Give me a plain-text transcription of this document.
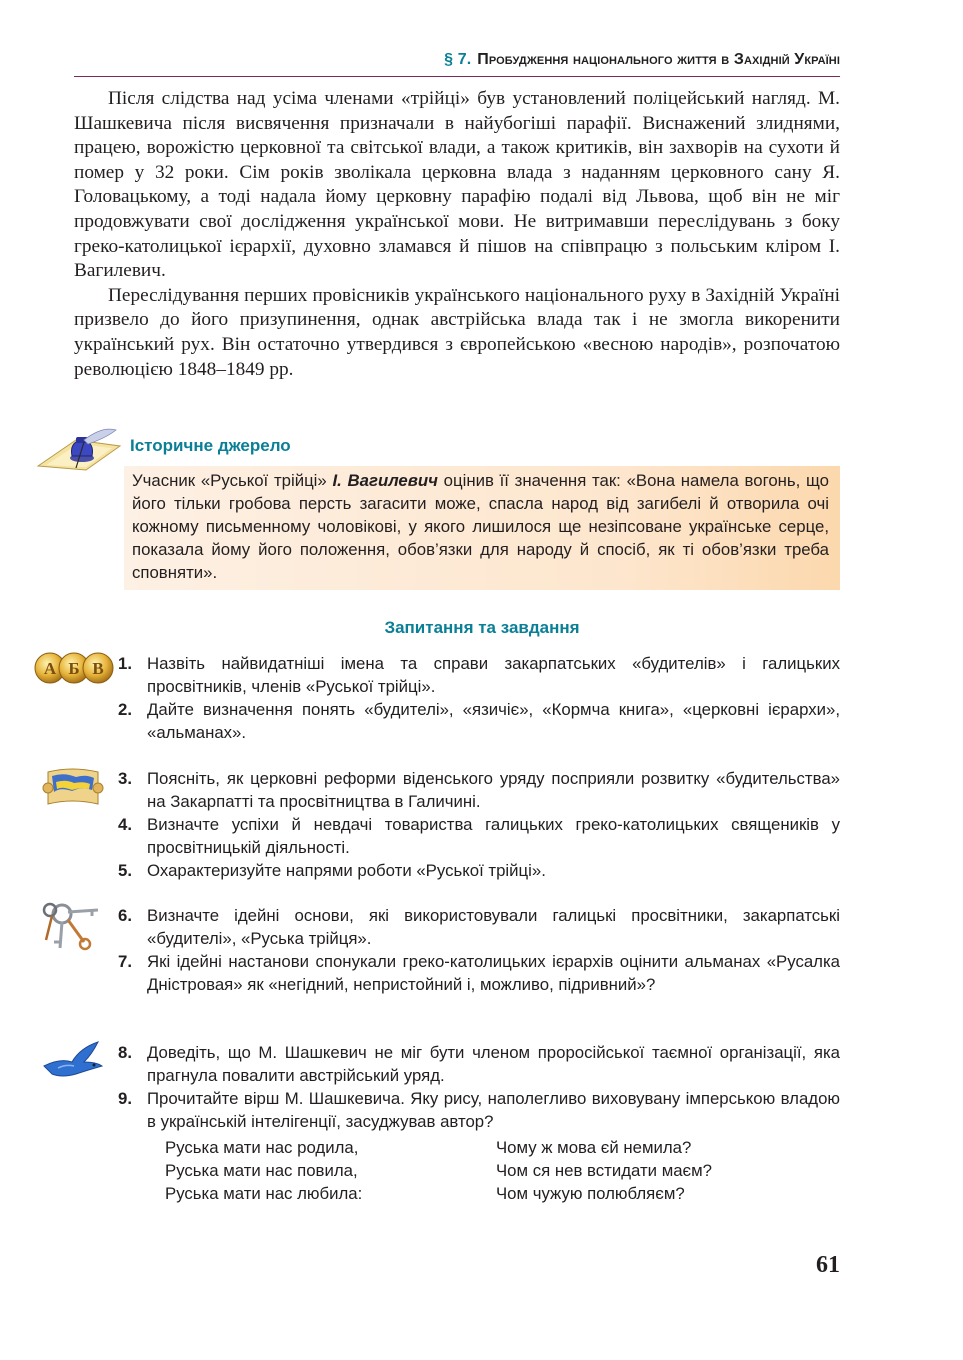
§ 7. Пробудження національного життя в Західній Україні

Після слідства над усіма членами «трійці» був установлений поліцейський нагляд. М. Шашкевича після висвячення призначали в найубогіші парафії. Виснажений злиднями, працею, ворожістю церковної та світської влади, а також критиків, він захворів на сухоти й помер у 32 роки. Сім років зволікала церковна влада з наданням церковного сану Я. Головацькому, а тоді надала йому церковну парафію подалі від Львова, щоб він не міг продовжувати свої дослідження української мови. Не витримавши переслідувань з боку греко-католицької ієрархії, духовно зламався й пішов на співпрацю з польським кліром І. Вагилевич.

Переслідування перших провісників українського національного руху в Західній Україні призвело до його призупинення, однак австрійська влада так і не змогла викоренити український рух. Він остаточно утвердився з європейською «весною народів», розпочатою революцією 1848–1849 рр.

Історичне джерело
Учасник «Руської трійці» І. Вагилевич оцінив її значення так: «Вона намела вогонь, що його тільки гробова персть загасити може, спасла народ від загибелі й отворила очі кожному письменному чоловікові, у якого лишилося ще незіпсоване українське серце, показала йому його положення, обов’язки для народу й спосіб, як ті обов’язки треба сповняти».
Запитання та завдання
А Б В 1. Назвіть найвидатніші імена та справи закарпатських «будителів» і галицьких просвітників, членів «Руської трійці».
2. Дайте визначення понять «будителі», «язичіє», «Кормча книга», «церковні ієрархи», «альманах».
3. Поясніть, як церковні реформи віденського уряду посприяли розвитку «будительства» на Закарпатті та просвітництва в Галичині.
4. Визначте успіхи й невдачі товариства галицьких греко-католицьких священиків у просвітницькій діяльності.
5. Охарактеризуйте напрями роботи «Руської трійці».
6. Визначте ідейні основи, які використовували галицькі просвітники, закарпатські «будителі», «Руська трійця».
7. Які ідейні настанови спонукали греко-католицьких ієрархів оцінити альманах «Русалка Дністровая» як «негідний, непристойний і, можливо, підривний»?
8. Доведіть, що М. Шашкевич не міг бути членом проросійської таємної організації, яка прагнула повалити австрійський уряд.
9. Прочитайте вірш М. Шашкевича. Яку рису, наполегливо виховувану імперською владою в українській інтелігенції, засуджував автор?
Руська мати нас родила,
Руська мати нас повила,
Руська мати нас любила:
Чому ж мова єй немила?
Чом ся нев встидати маєм?
Чом чужую полюбляєм?
61
